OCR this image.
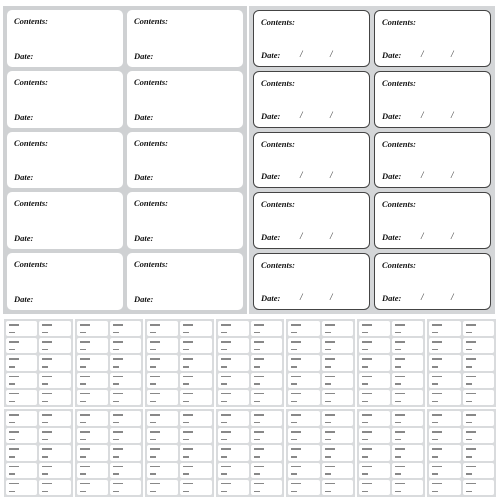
Contents:
Date:
Contents:
Date:
Contents:
Date:
Contents:
Date:
Contents:
Date:
Contents:
Date:
Contents:
Date:
Contents:
Date:
Contents:
Date:
Contents:
Date:
Contents:
Date: /	/
Contents:
Date: /	/
Contents:
Date: /	/
Contents:
Date: /	/
Contents:
Date: /	/
Contents:
Date: /	/
Contents:
Date: /	/
Contents:
Date: /	/
Contents:
Date: /	/
Contents:
Date: /	/
